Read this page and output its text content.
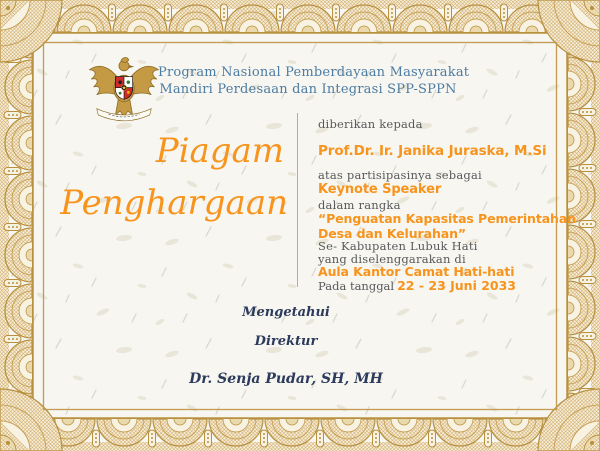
Program Nasional Pemberdayaan Masyarakat
Mandiri Perdesaan dan Integrasi SPP-SPPN
Piagam
Penghargaan
diberikan kepada
Prof.Dr. Ir. Janika Juraska, M.Si
atas partisipasinya sebagai
Keynote Speaker
dalam rangka
“Penguatan Kapasitas Pemerintahan
Desa dan Kelurahan”
Se- Kabupaten Lubuk Hati
yang diselenggarakan di
Aula Kantor Camat Hati-hati
Pada tanggal 22 - 23 Juni 2033
Mengetahui
Direktur
Dr. Senja Pudar, SH, MH
